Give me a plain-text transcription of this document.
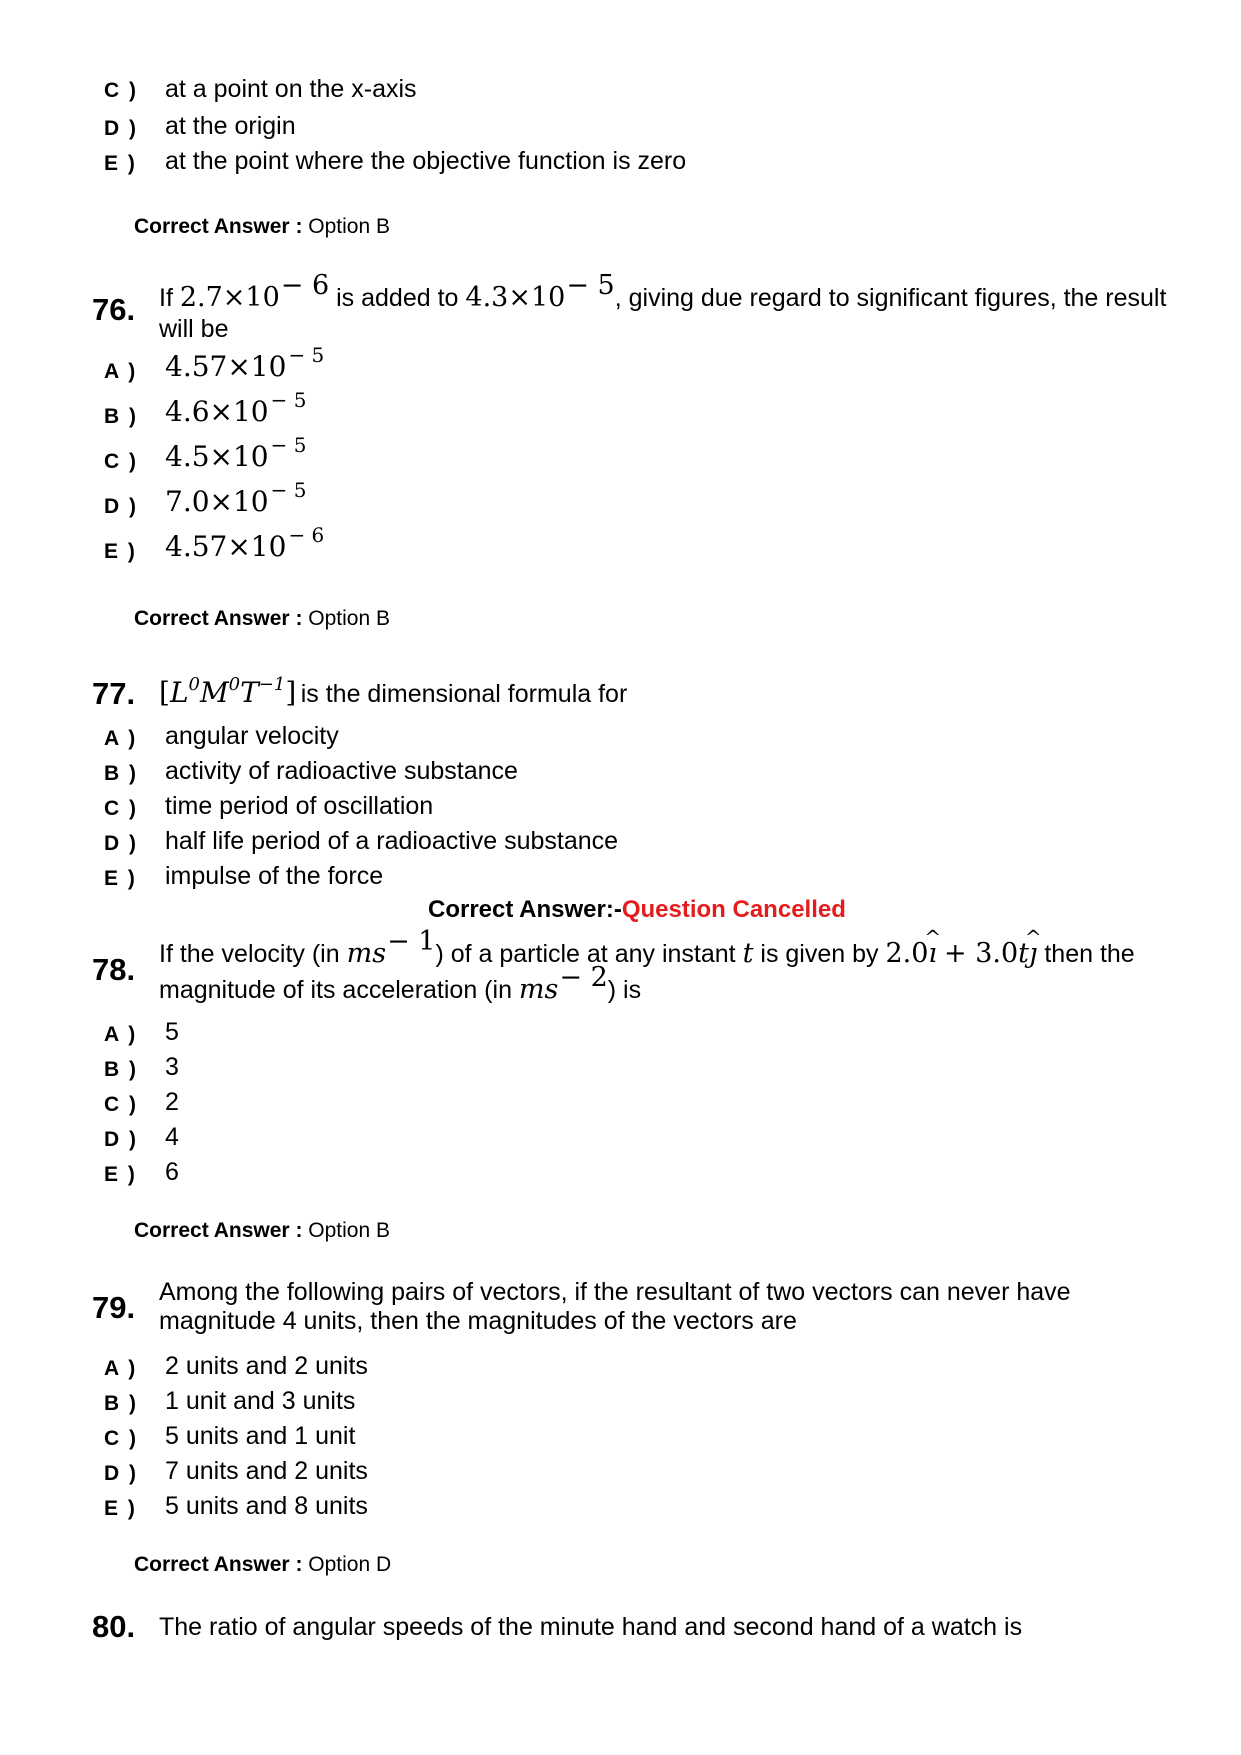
C ) at a point on the x-axis
D ) at the origin
E ) at the point where the objective function is zero
Correct Answer : Option B
76. If $2.7\times 10^{- 6}$ is added to $4.3\times 10^{- 5}$, giving due regard to significant figures, the result
will be
A ) 4.57×10 $^{- 5}$
B ) 4.6×10 $^{- 5}$
C ) 4.5×10 $^{- 5}$
D ) 7.0×10 $^{- 5}$
E ) 4.57×10 $^{- 6}$
Correct Answer : Option B
77. $[L^0M^0T^{-1}]$ is the dimensional formula for
A ) angular velocity
B ) activity of radioactive substance
C ) time period of oscillation
D ) half life period of a radioactive substance
E ) impulse of the force
Correct Answer:-Question Cancelled
78. If the velocity (in $ms^{- 1}$) of a particle at any instant t is given by 2.0^ ı + 3.0t^ ȷ then the
magnitude of its acceleration (in $ms^{- 2}$) is
A ) 5
B ) 3
C ) 2
D ) 4
E ) 6
Correct Answer : Option B
79. Among the following pairs of vectors, if the resultant of two vectors can never have
magnitude 4 units, then the magnitudes of the vectors are
A ) 2 units and 2 units
B ) 1 unit and 3 units
C ) 5 units and 1 unit
D ) 7 units and 2 units
E ) 5 units and 8 units
Correct Answer : Option D
80. The ratio of angular speeds of the minute hand and second hand of a watch is
